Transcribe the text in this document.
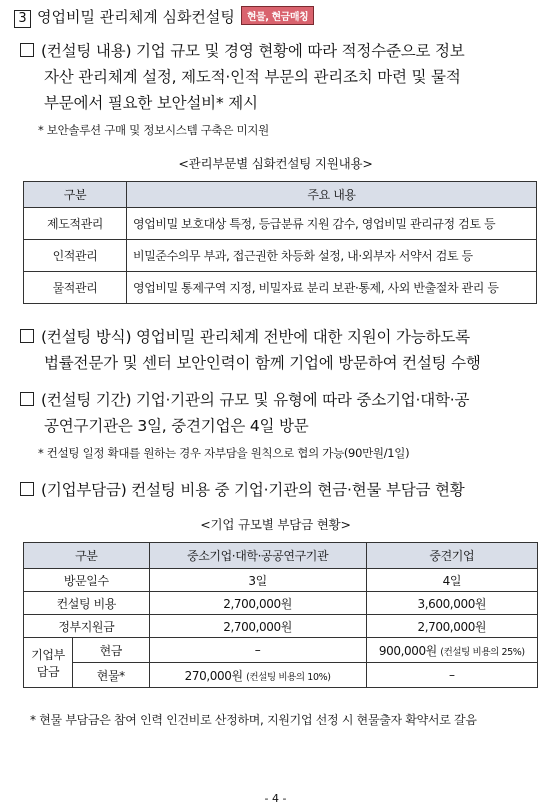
3 영업비밀 관리체계 심화컨설팅 현물, 현금매칭
(컨설팅 내용) 기업 규모 및 경영 현황에 따라 적정수준으로 정보
자산 관리체계 설정, 제도적·인적 부문의 관리조치 마련 및 물적
부문에서 필요한 보안설비* 제시
* 보안솔루션 구매 및 정보시스템 구축은 미지원
<관리부문별 심화컨설팅 지원내용>
구분	주요 내용
제도적관리	영업비밀 보호대상 특정, 등급분류 지원 감수, 영업비밀 관리규정 검토 등
인적관리	비밀준수의무 부과, 접근권한 차등화 설정, 내·외부자 서약서 검토 등
물적관리	영업비밀 통제구역 지정, 비밀자료 분리 보관·통제, 사외 반출절차 관리 등
(컨설팅 방식) 영업비밀 관리체계 전반에 대한 지원이 가능하도록
법률전문가 및 센터 보안인력이 함께 기업에 방문하여 컨설팅 수행
(컨설팅 기간) 기업·기관의 규모 및 유형에 따라 중소기업·대학·공
공연구기관은 3일, 중견기업은 4일 방문
* 컨설팅 일정 확대를 원하는 경우 자부담을 원칙으로 협의 가능(90만원/1일)
(기업부담금) 컨설팅 비용 중 기업·기관의 현금·현물 부담금 현황
<기업 규모별 부담금 현황>
구분		중소기업·대학·공공연구기관	중견기업
방문일수		3일	4일
컨설팅 비용		2,700,000원	3,600,000원
정부지원금		2,700,000원	2,700,000원
기업부담금	현금	–	900,000원 (컨설팅 비용의 25%)
	현물*	270,000원 (컨설팅 비용의 10%)	–
* 현물 부담금은 참여 인력 인건비로 산정하며, 지원기업 선정 시 현물출자 확약서로 갈음
- 4 -
